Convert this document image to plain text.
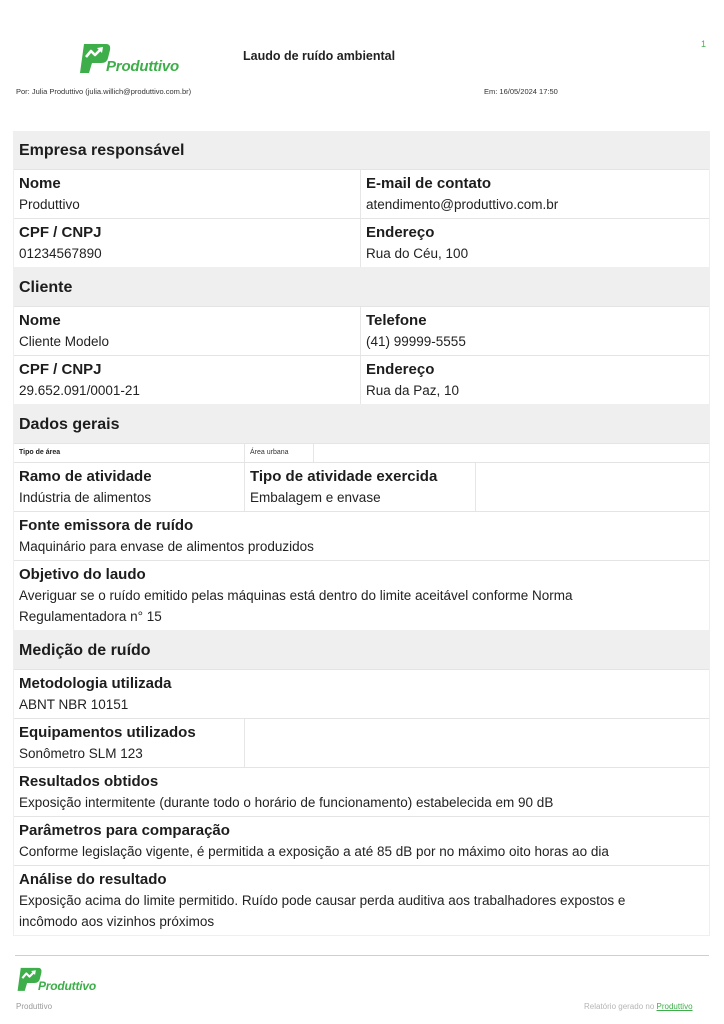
Produttivo
Laudo de ruído ambiental
1
Por: Julia Produttivo (julia.willich@produttivo.com.br)	Em: 16/05/2024 17:50
Empresa responsável
Nome
Produttivo
E-mail de contato
atendimento@produttivo.com.br
CPF / CNPJ
01234567890
Endereço
Rua do Céu, 100
Cliente
Nome
Cliente Modelo
Telefone
(41) 99999-5555
CPF / CNPJ
29.652.091/0001-21
Endereço
Rua da Paz, 10
Dados gerais
Tipo de área	Área urbana
Ramo de atividade
Indústria de alimentos
Tipo de atividade exercida
Embalagem e envase
Fonte emissora de ruído
Maquinário para envase de alimentos produzidos
Objetivo do laudo
Averiguar se o ruído emitido pelas máquinas está dentro do limite aceitável conforme Norma Regulamentadora n° 15
Medição de ruído
Metodologia utilizada
ABNT NBR 10151
Equipamentos utilizados
Sonômetro SLM 123
Resultados obtidos
Exposição intermitente (durante todo o horário de funcionamento) estabelecida em 90 dB
Parâmetros para comparação
Conforme legislação vigente, é permitida a exposição a até 85 dB por no máximo oito horas ao dia
Análise do resultado
Exposição acima do limite permitido. Ruído pode causar perda auditiva aos trabalhadores expostos e incômodo aos vizinhos próximos
Produttivo
Produttivo	Relatório gerado no Produttivo
